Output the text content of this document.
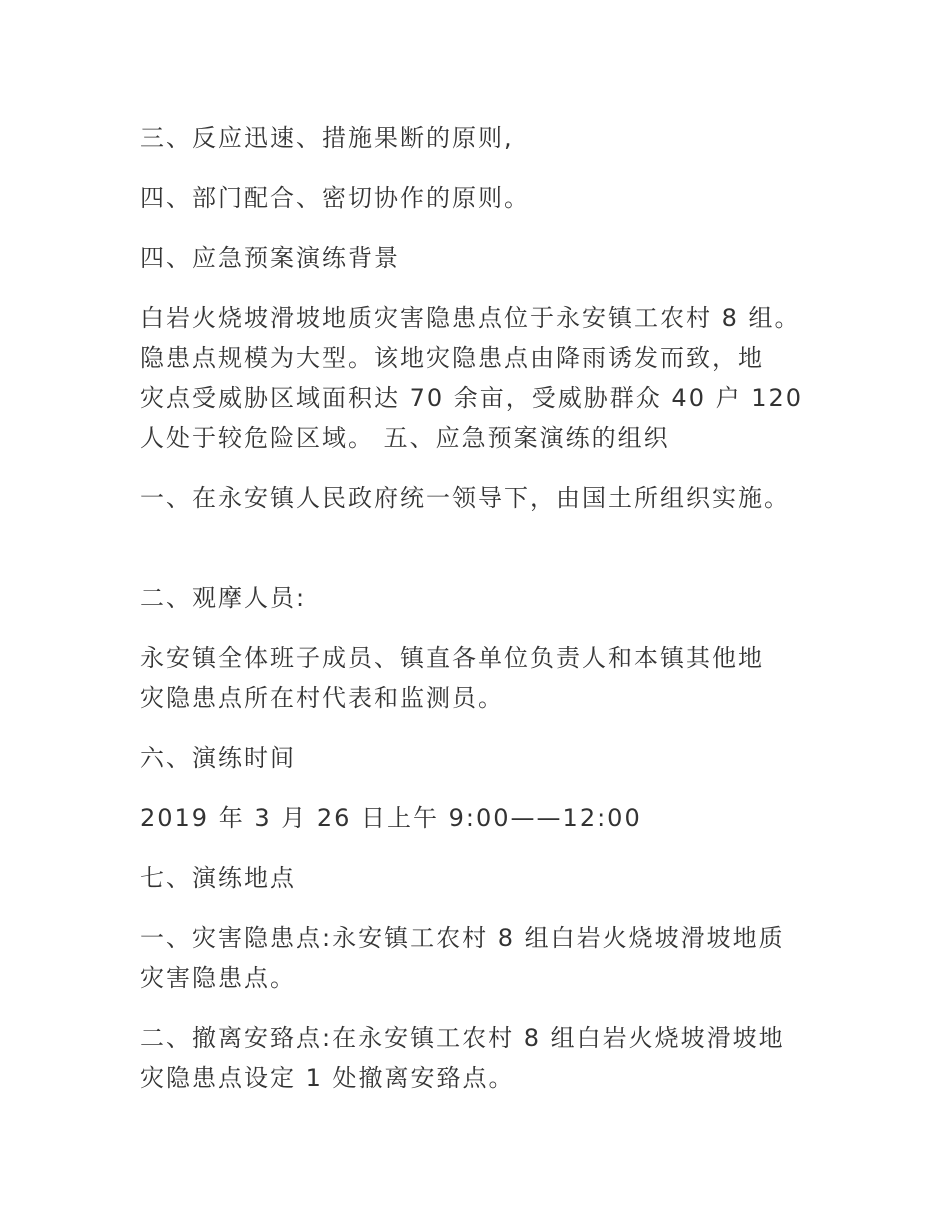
三、反应迅速、措施果断的原则,

四、部门配合、密切协作的原则。

四、应急预案演练背景

白岩火烧坡滑坡地质灾害隐患点位于永安镇工农村 8 组。
隐患点规模为大型。该地灾隐患点由降雨诱发而致，地
灾点受威胁区域面积达 70 余亩，受威胁群众 40 户 120
人处于较危险区域。 五、应急预案演练的组织

一、在永安镇人民政府统一领导下，由国土所组织实施。

二、观摩人员:

永安镇全体班子成员、镇直各单位负责人和本镇其他地
灾隐患点所在村代表和监测员。

六、演练时间

2019 年 3 月 26 日上午 9:00——12:00

七、演练地点

一、灾害隐患点:永安镇工农村 8 组白岩火烧坡滑坡地质
灾害隐患点。

二、撤离安臵点:在永安镇工农村 8 组白岩火烧坡滑坡地
灾隐患点设定 1 处撤离安臵点。
